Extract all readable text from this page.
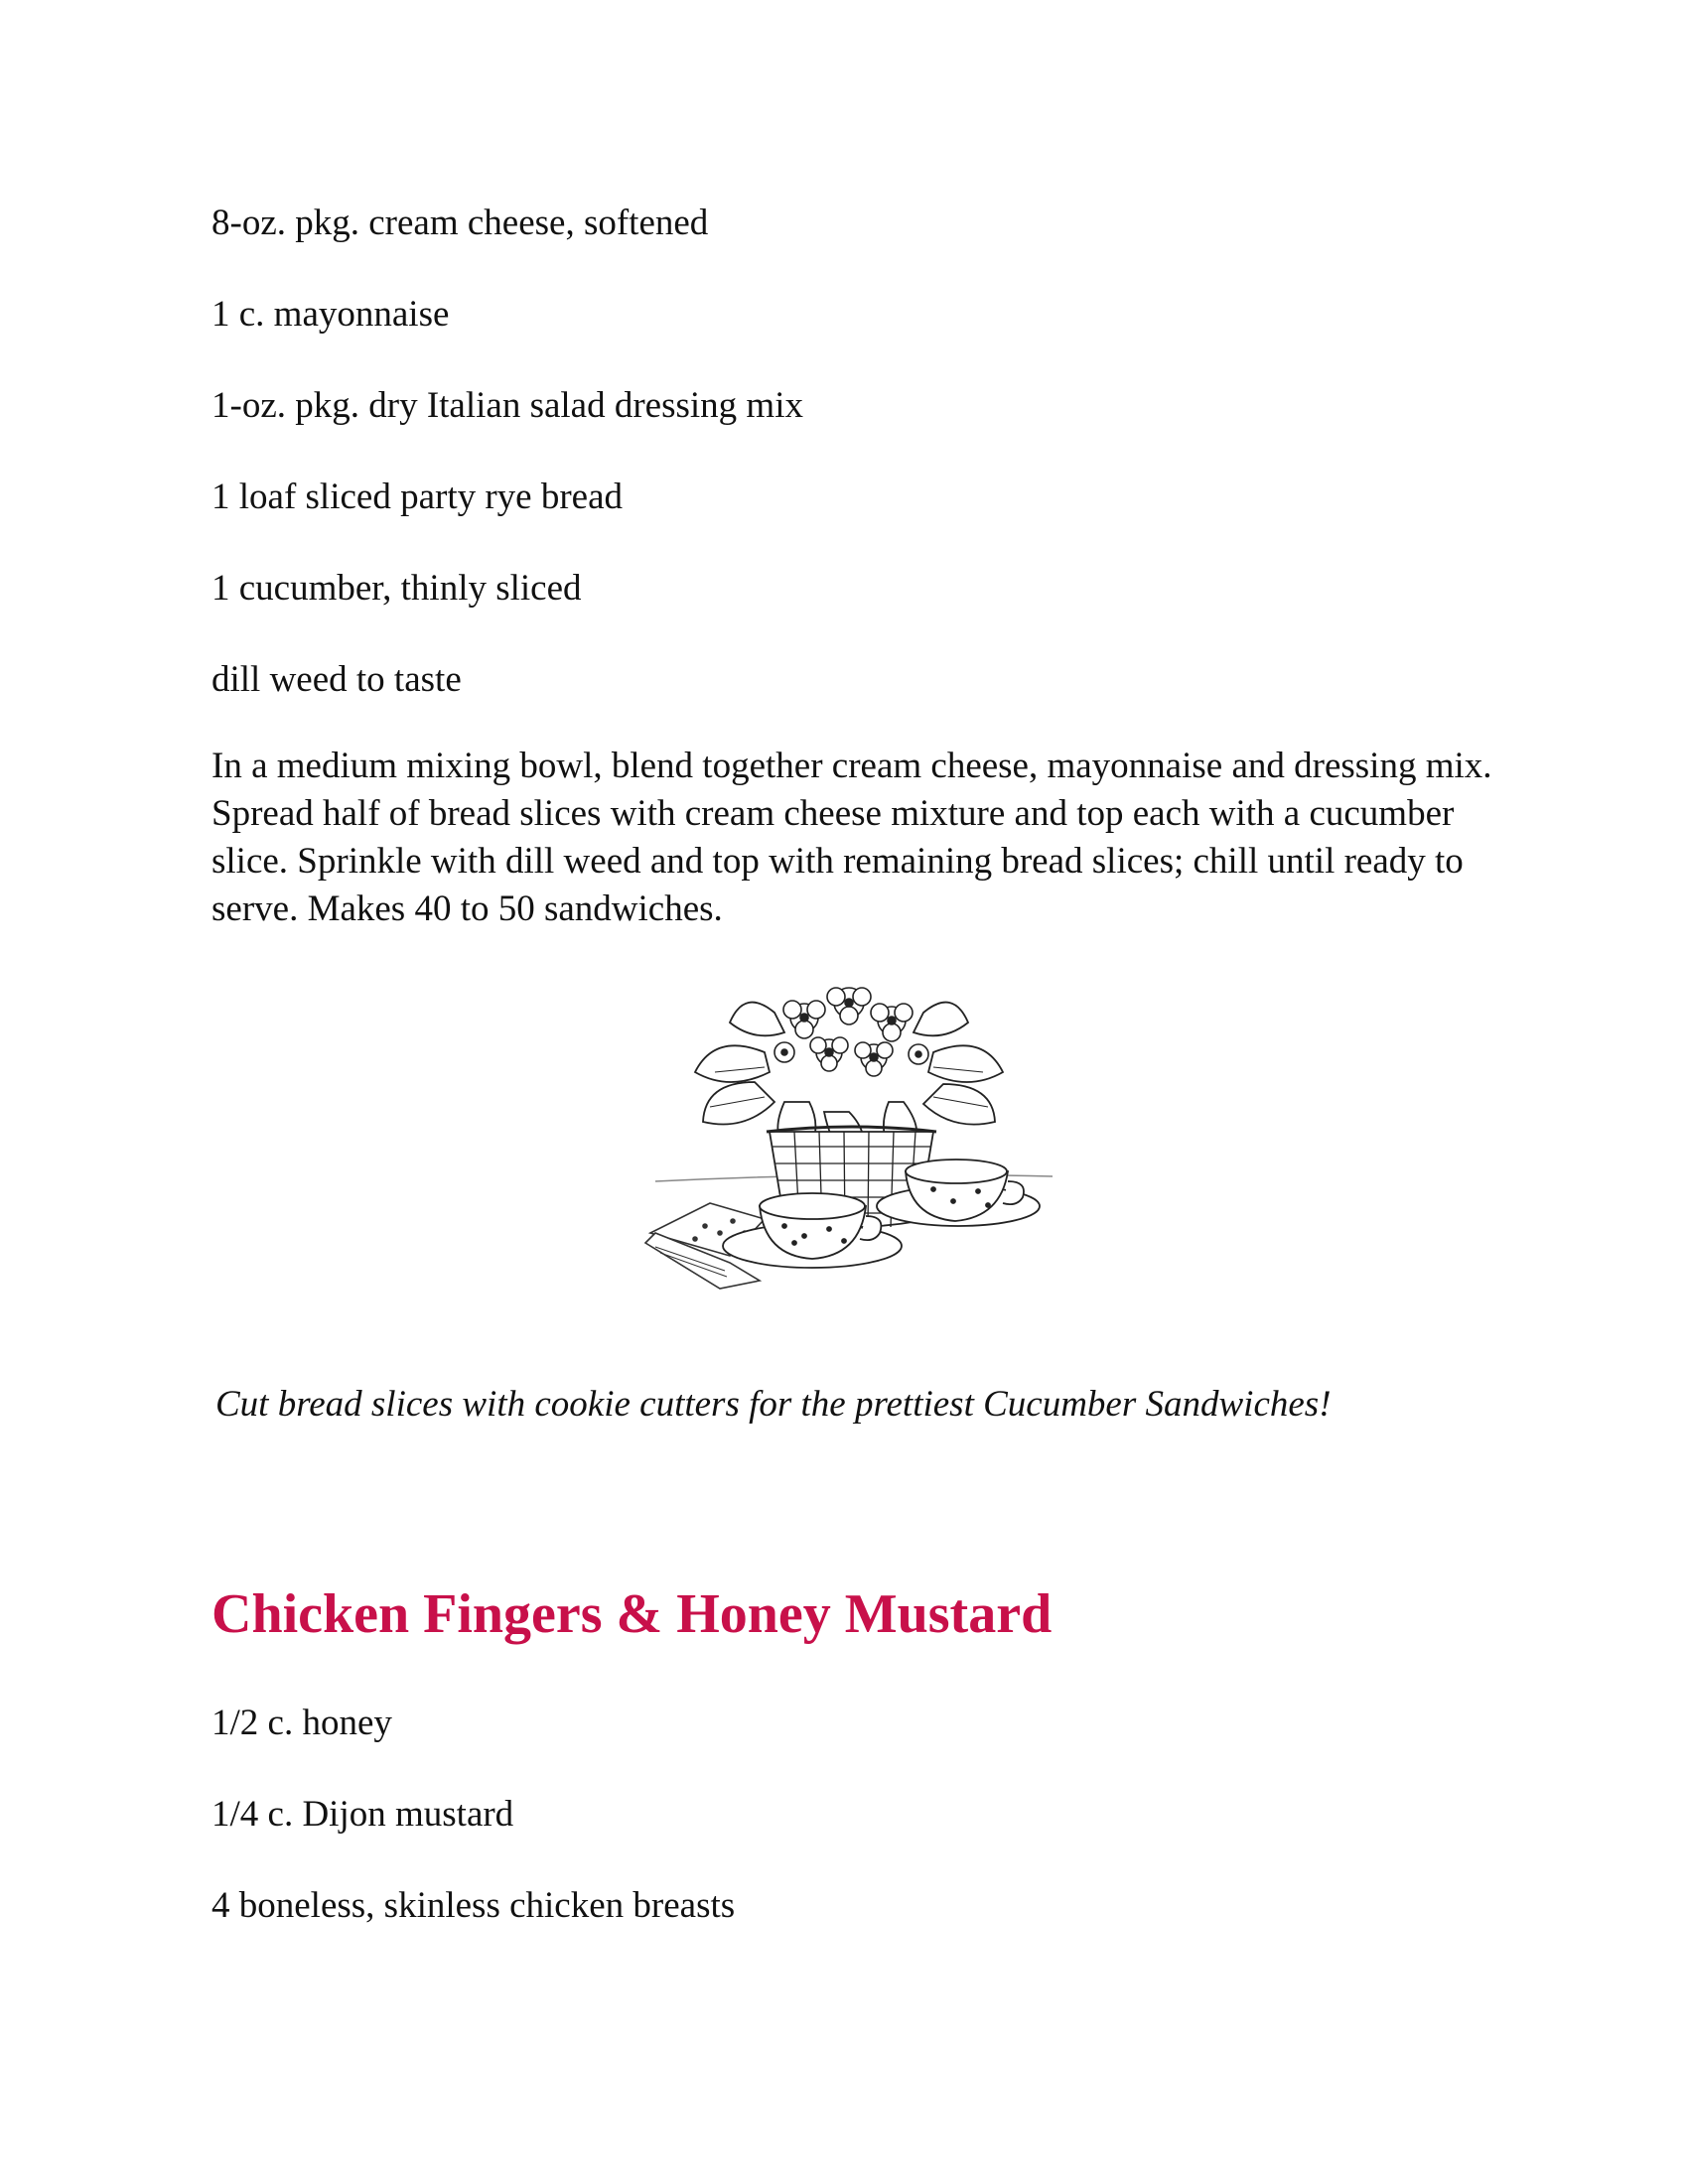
8-oz. pkg. cream cheese, softened
1 c. mayonnaise
1-oz. pkg. dry Italian salad dressing mix
1 loaf sliced party rye bread
1 cucumber, thinly sliced
dill weed to taste
In a medium mixing bowl, blend together cream cheese, mayonnaise and dressing mix. Spread half of bread slices with cream cheese mixture and top each with a cucumber slice. Sprinkle with dill weed and top with remaining bread slices; chill until ready to serve. Makes 40 to 50 sandwiches.
Cut bread slices with cookie cutters for the prettiest Cucumber Sandwiches!
Chicken Fingers & Honey Mustard
1/2 c. honey
1/4 c. Dijon mustard
4 boneless, skinless chicken breasts
